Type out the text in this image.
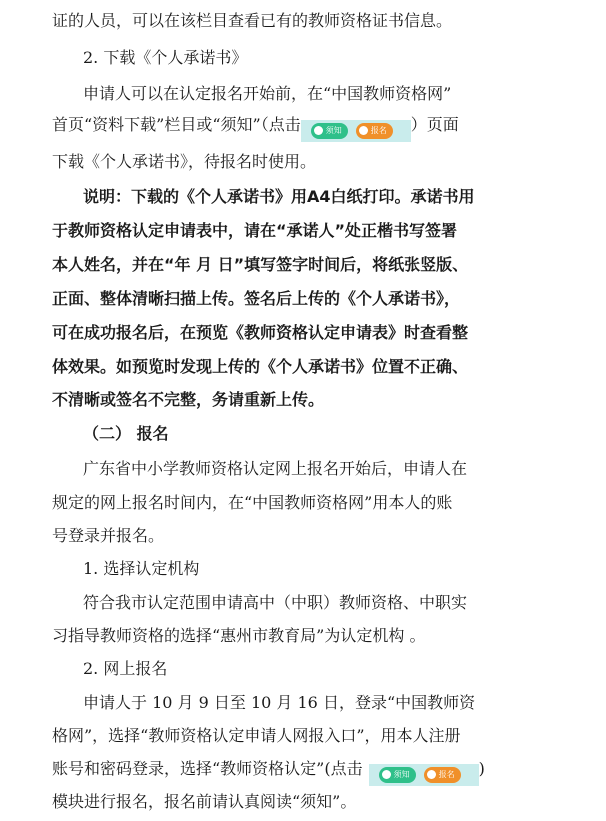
证的人员，可以在该栏目查看已有的教师资格证书信息。
2. 下载《个人承诺书》
申请人可以在认定报名开始前，在“中国教师资格网”
首页“资料下载”栏目或“须知”（点击	须知	报名 ）页面
下载《个人承诺书》，待报名时使用。
说明：下载的《个人承诺书》用A4白纸打印。承诺书用
于教师资格认定申请表中，请在“承诺人”处正楷书写签署
本人姓名，并在“年 月 日”填写签字时间后，将纸张竖版、
正面、整体清晰扫描上传。签名后上传的《个人承诺书》，
可在成功报名后，在预览《教师资格认定申请表》时查看整
体效果。如预览时发现上传的《个人承诺书》位置不正确、
不清晰或签名不完整，务请重新上传。
（二） 报名
广东省中小学教师资格认定网上报名开始后，申请人在
规定的网上报名时间内，在“中国教师资格网”用本人的账
号登录并报名。
1. 选择认定机构
符合我市认定范围申请高中（中职）教师资格、中职实
习指导教师资格的选择“惠州市教育局”为认定机构 。
2. 网上报名
申请人于 10 月 9 日至 10 月 16 日，登录“中国教师资
格网”，选择“教师资格认定申请人网报入口”，用本人注册
账号和密码登录，选择“教师资格认定”(点击	须知	报名 )
模块进行报名，报名前请认真阅读“须知”。
